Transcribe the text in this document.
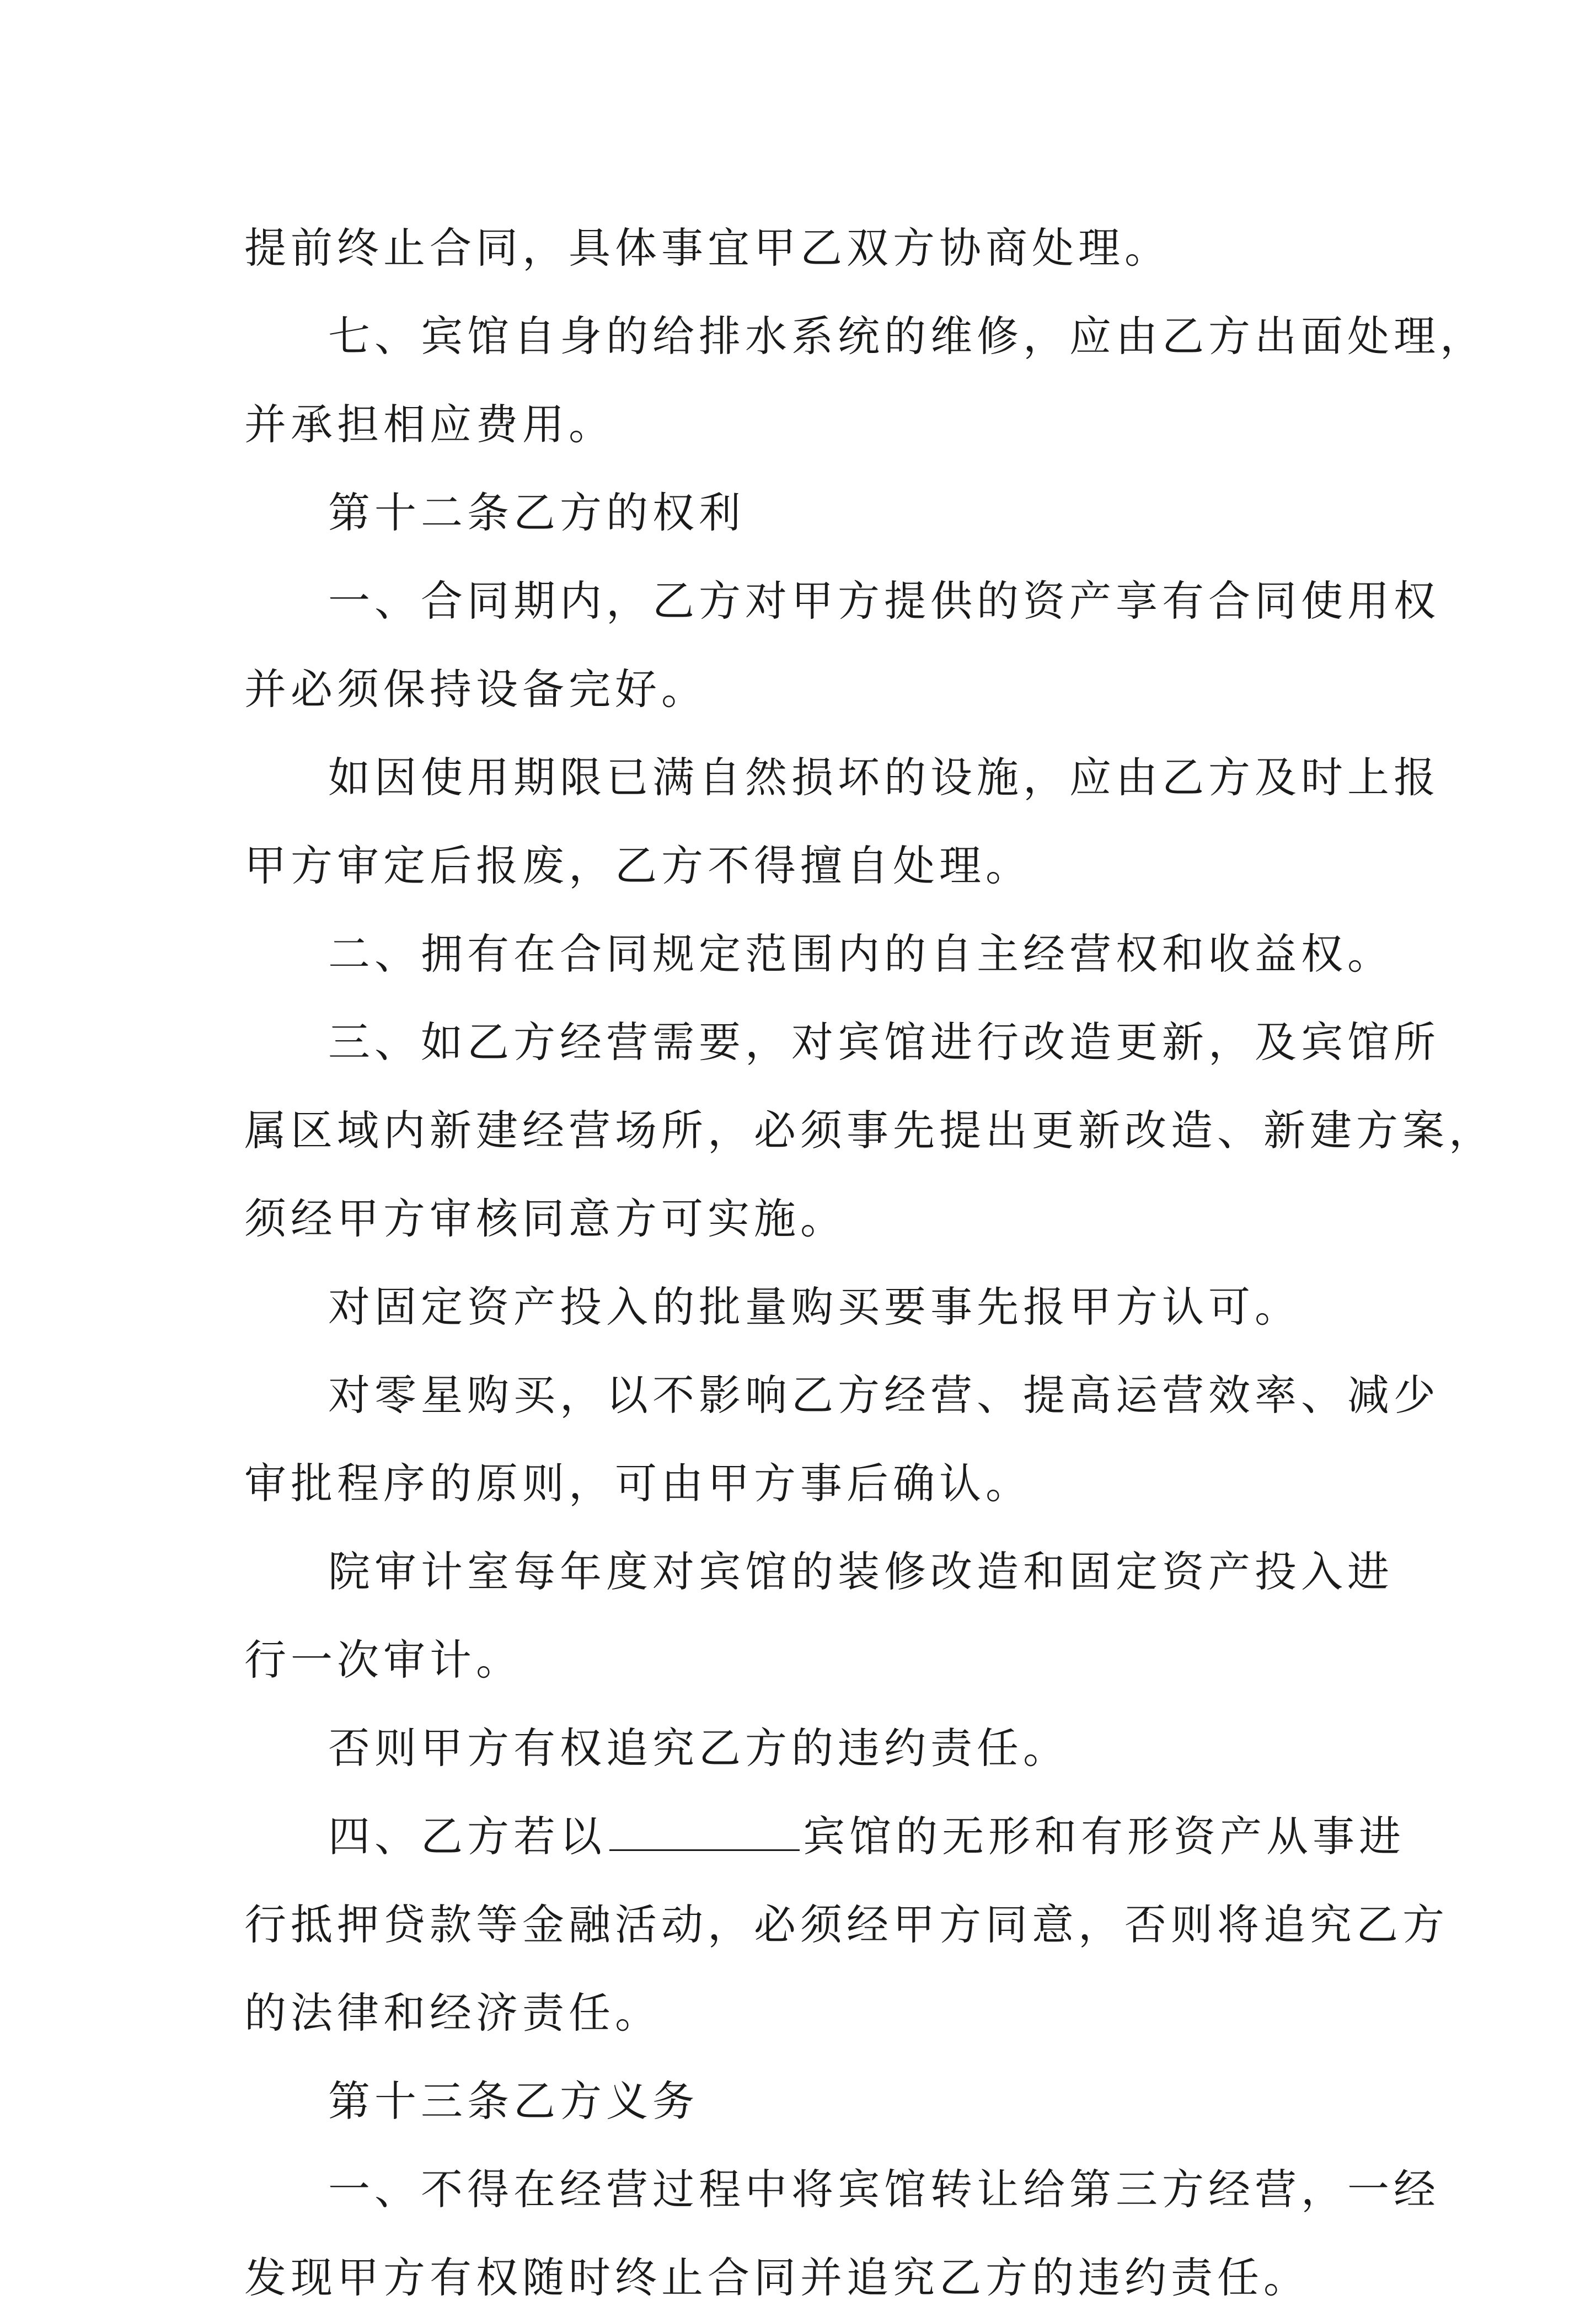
提前终止合同，具体事宜甲乙双方协商处理。
七、宾馆自身的给排水系统的维修，应由乙方出面处理，
并承担相应费用。
第十二条乙方的权利
一、合同期内，乙方对甲方提供的资产享有合同使用权
并必须保持设备完好。
如因使用期限已满自然损坏的设施，应由乙方及时上报
甲方审定后报废，乙方不得擅自处理。
二、拥有在合同规定范围内的自主经营权和收益权。
三、如乙方经营需要，对宾馆进行改造更新，及宾馆所
属区域内新建经营场所，必须事先提出更新改造、新建方案，
须经甲方审核同意方可实施。
对固定资产投入的批量购买要事先报甲方认可。
对零星购买，以不影响乙方经营、提高运营效率、减少
审批程序的原则，可由甲方事后确认。
院审计室每年度对宾馆的装修改造和固定资产投入进
行一次审计。
否则甲方有权追究乙方的违约责任。
四、乙方若以	宾馆的无形和有形资产从事进
行抵押贷款等金融活动，必须经甲方同意，否则将追究乙方
的法律和经济责任。
第十三条乙方义务
一、不得在经营过程中将宾馆转让给第三方经营，一经
发现甲方有权随时终止合同并追究乙方的违约责任。
